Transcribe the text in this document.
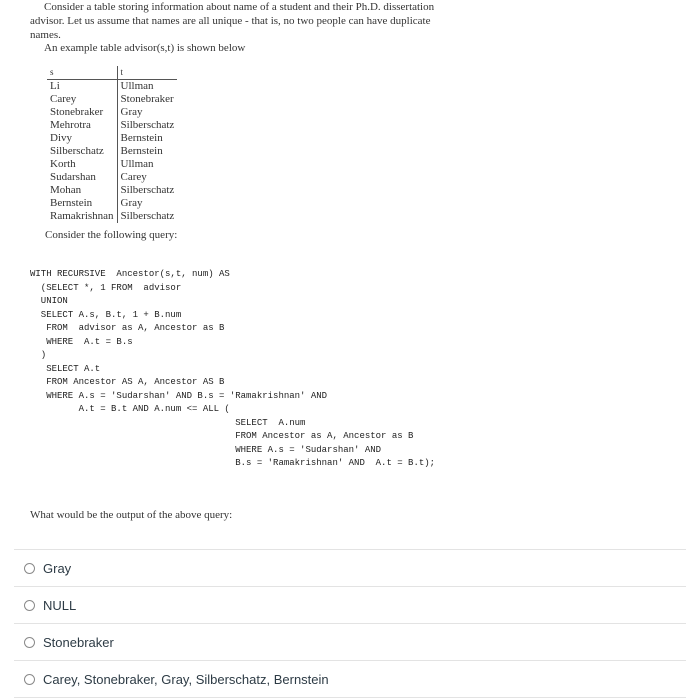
Consider a table storing information about name of a student and their Ph.D. dissertation
advisor. Let us assume that names are all unique - that is, no two people can have duplicate
names.
An example table advisor(s,t) is shown below
s	t
Li	Ullman
Carey	Stonebraker
Stonebraker	Gray
Mehrotra	Silberschatz
Divy	Bernstein
Silberschatz	Bernstein
Korth	Ullman
Sudarshan	Carey
Mohan	Silberschatz
Bernstein	Gray
Ramakrishnan	Silberschatz
Consider the following query:
WITH RECURSIVE  Ancestor(s,t, num) AS
(SELECT *, 1 FROM  advisor
UNION
SELECT A.s, B.t, 1 + B.num
FROM  advisor as A, Ancestor as B
WHERE  A.t = B.s
)
SELECT A.t
FROM Ancestor AS A, Ancestor AS B
WHERE A.s = 'Sudarshan' AND B.s = 'Ramakrishnan' AND
A.t = B.t AND A.num <= ALL (
SELECT  A.num
FROM Ancestor as A, Ancestor as B
WHERE A.s = 'Sudarshan' AND
B.s = 'Ramakrishnan' AND  A.t = B.t);
What would be the output of the above query:
Gray
NULL
Stonebraker
Carey, Stonebraker, Gray, Silberschatz, Bernstein
